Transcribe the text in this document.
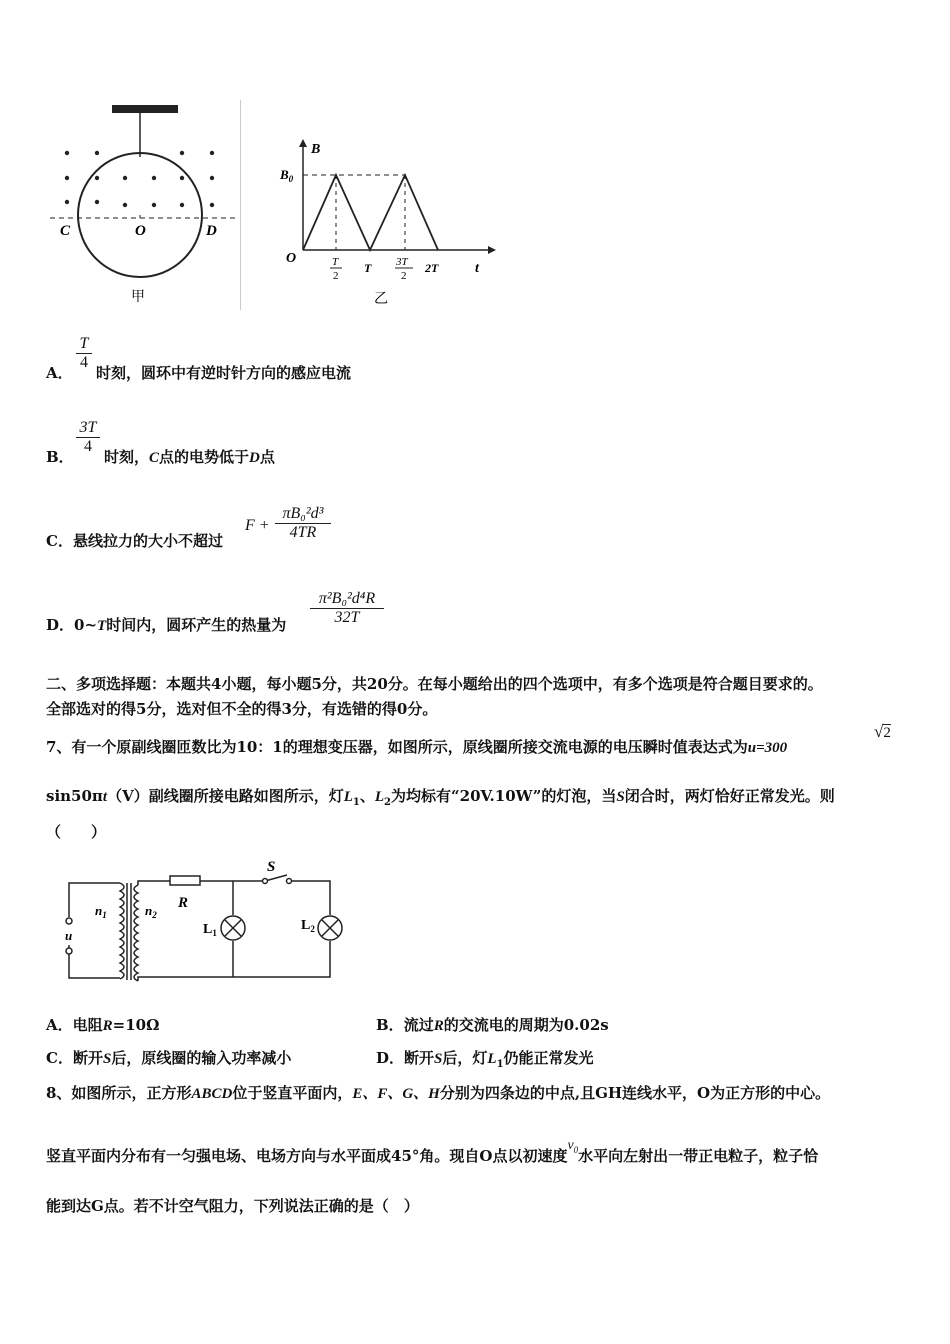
C	O	D
甲
B
$B_0$
O
t
T
2
T 3T
2
2T
乙
A．
T
4
时刻，圆环中有逆时针方向的感应电流
B．
3T
4
时刻，C点的电势低于D点
C．悬线拉力的大小不超过
F +
πB₀²d³
4TR
D．0~T时间内，圆环产生的热量为
π²B₀²d⁴R
32T
二、多项选择题：本题共4小题，每小题5分，共20分。在每小题给出的四个选项中，有多个选项是符合题目要求的。
全部选对的得5分，选对但不全的得3分，有选错的得0分。
7、有一个原副线圈匝数比为10：1的理想变压器，如图所示，原线圈所接交流电源的电压瞬时值表达式为u=300
√2
sin50πt（V）副线圈所接电路如图所示，灯$L_1$、$L_2$为均标有“20V.10W”的灯泡，当S闭合时，两灯恰好正常发光。则
（　　）
$n_1$	$n_2$
u
R
S
$L_1$	$L_2$
A．电阻R=10Ω	B．流过R的交流电的周期为0.02s
C．断开S后，原线圈的输入功率减小	D．断开S后，灯$L_1$仍能正常发光
8、如图所示，正方形ABCD位于竖直平面内，E、F、G、H分别为四条边的中点,且GH连线水平，O为正方形的中心。
竖直平面内分布有一匀强电场、电场方向与水平面成45°角。现自O点以初速度$v_0$水平向左射出一带正电粒子，粒子恰
能到达G点。若不计空气阻力，下列说法正确的是（　）
